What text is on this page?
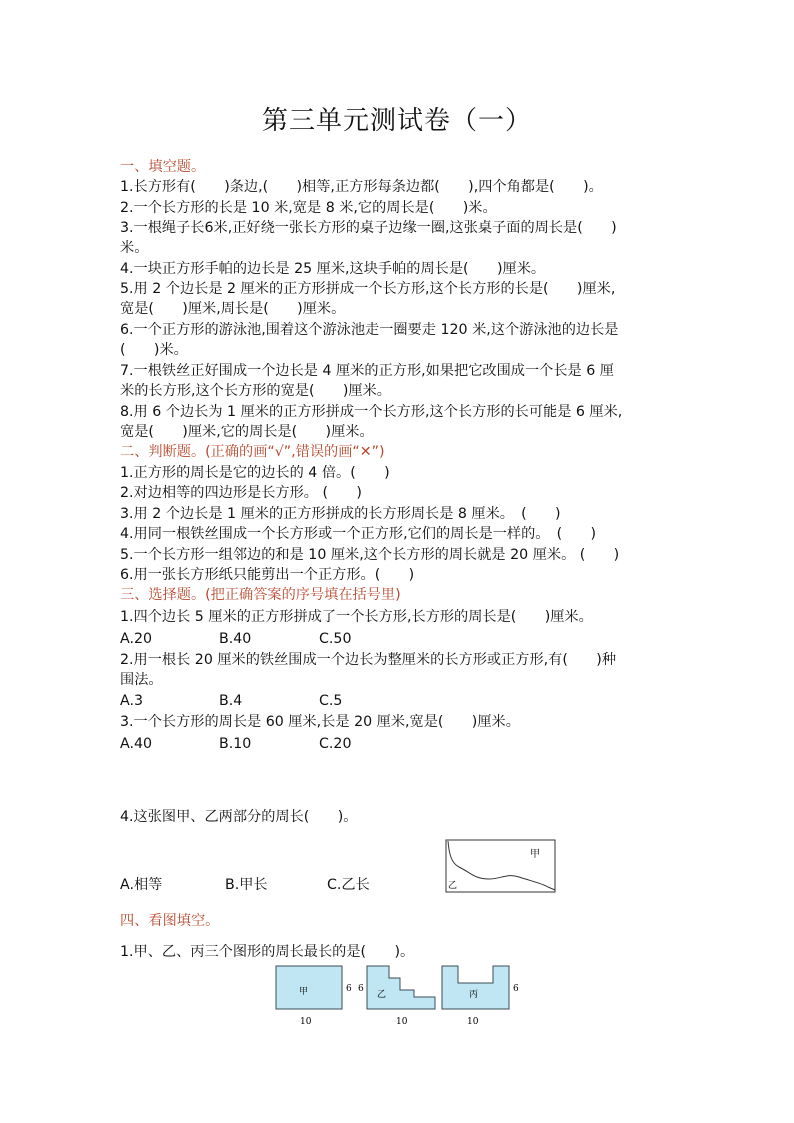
第三单元测试卷（一）
一、填空题。
1.长方形有(　　)条边,(　　)相等,正方形每条边都(　　),四个角都是(　　)。
2.一个长方形的长是 10 米,宽是 8 米,它的周长是(　　)米。
3.一根绳子长6米,正好绕一张长方形的桌子边缘一圈,这张桌子面的周长是(　　)
米。
4.一块正方形手帕的边长是 25 厘米,这块手帕的周长是(　　)厘米。
5.用 2 个边长是 2 厘米的正方形拼成一个长方形,这个长方形的长是(　　)厘米,
宽是(　　)厘米,周长是(　　)厘米。
6.一个正方形的游泳池,围着这个游泳池走一圈要走 120 米,这个游泳池的边长是
(　　)米。
7.一根铁丝正好围成一个边长是 4 厘米的正方形,如果把它改围成一个长是 6 厘
米的长方形,这个长方形的宽是(　　)厘米。
8.用 6 个边长为 1 厘米的正方形拼成一个长方形,这个长方形的长可能是 6 厘米,
宽是(　　)厘米,它的周长是(　　)厘米。
二、判断题。(正确的画“√”,错误的画“✕”)
1.正方形的周长是它的边长的 4 倍。(　　)
2.对边相等的四边形是长方形。 (　　)
3.用 2 个边长是 1 厘米的正方形拼成的长方形周长是 8 厘米。　(　　)
4.用同一根铁丝围成一个长方形或一个正方形,它们的周长是一样的。　(　　)
5.一个长方形一组邻边的和是 10 厘米,这个长方形的周长就是 20 厘米。 (　　)
6.用一张长方形纸只能剪出一个正方形。(　　)
三、选择题。(把正确答案的序号填在括号里)
1.四个边长 5 厘米的正方形拼成了一个长方形,长方形的周长是(　　)厘米。
A.20	B.40	C.50
2.用一根长 20 厘米的铁丝围成一个边长为整厘米的长方形或正方形,有(　　)种
围法。
A.3	B.4	C.5
3.一个长方形的周长是 60 厘米,长是 20 厘米,宽是(　　)厘米。
A.40	B.10	C.20
4.这张图甲、乙两部分的周长(　　)。
A.相等	B.甲长	C.乙长
甲
乙
四、看图填空。
1.甲、乙、丙三个图形的周长最长的是(　　)。
甲	6
10
6
乙
10
丙
6
10
